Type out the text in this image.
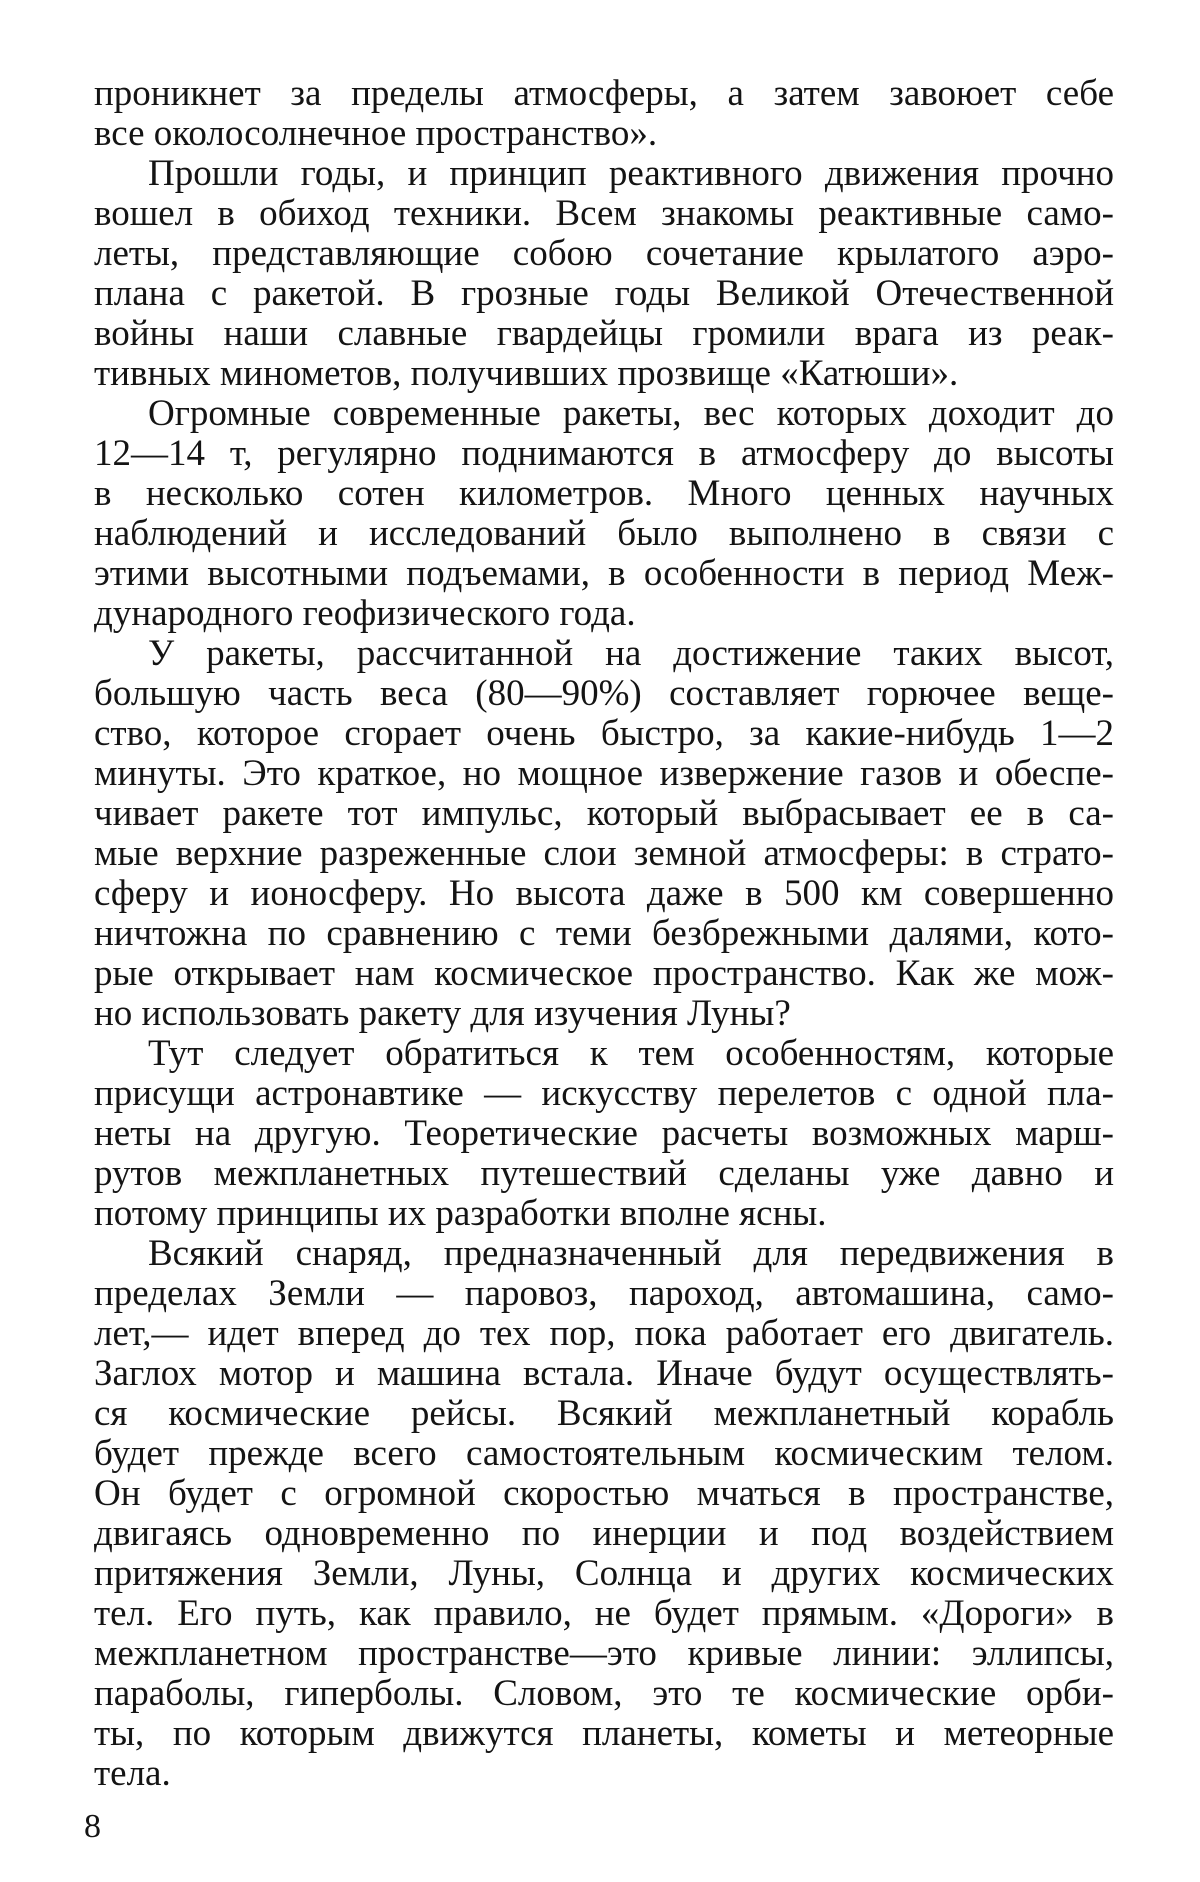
проникнет за пределы атмосферы, а затем завоюет себе
все околосолнечное пространство».
Прошли годы, и принцип реактивного движения прочно
вошел в обиход техники. Всем знакомы реактивные само-
леты, представляющие собою сочетание крылатого аэро-
плана с ракетой. В грозные годы Великой Отечественной
войны наши славные гвардейцы громили врага из реак-
тивных минометов, получивших прозвище «Катюши».
Огромные современные ракеты, вес которых доходит до
12—14 т, регулярно поднимаются в атмосферу до высоты
в несколько сотен километров. Много ценных научных
наблюдений и исследований было выполнено в связи с
этими высотными подъемами, в особенности в период Меж-
дународного геофизического года.
У ракеты, рассчитанной на достижение таких высот,
большую часть веса (80—90%) составляет горючее веще-
ство, которое сгорает очень быстро, за какие-нибудь 1—2
минуты. Это краткое, но мощное извержение газов и обеспе-
чивает ракете тот импульс, который выбрасывает ее в са-
мые верхние разреженные слои земной атмосферы: в страто-
сферу и ионосферу. Но высота даже в 500 км совершенно
ничтожна по сравнению с теми безбрежными далями, кото-
рые открывает нам космическое пространство. Как же мож-
но использовать ракету для изучения Луны?
Тут следует обратиться к тем особенностям, которые
присущи астронавтике — искусству перелетов с одной пла-
неты на другую. Теоретические расчеты возможных марш-
рутов межпланетных путешествий сделаны уже давно и
потому принципы их разработки вполне ясны.
Всякий снаряд, предназначенный для передвижения в
пределах Земли — паровоз, пароход, автомашина, само-
лет,— идет вперед до тех пор, пока работает его двигатель.
Заглох мотор и машина встала. Иначе будут осуществлять-
ся космические рейсы. Всякий межпланетный корабль
будет прежде всего самостоятельным космическим телом.
Он будет с огромной скоростью мчаться в пространстве,
двигаясь одновременно по инерции и под воздействием
притяжения Земли, Луны, Солнца и других космических
тел. Его путь, как правило, не будет прямым. «Дороги» в
межпланетном пространстве—это кривые линии: эллипсы,
параболы, гиперболы. Словом, это те космические орби-
ты, по которым движутся планеты, кометы и метеорные
тела.
8
